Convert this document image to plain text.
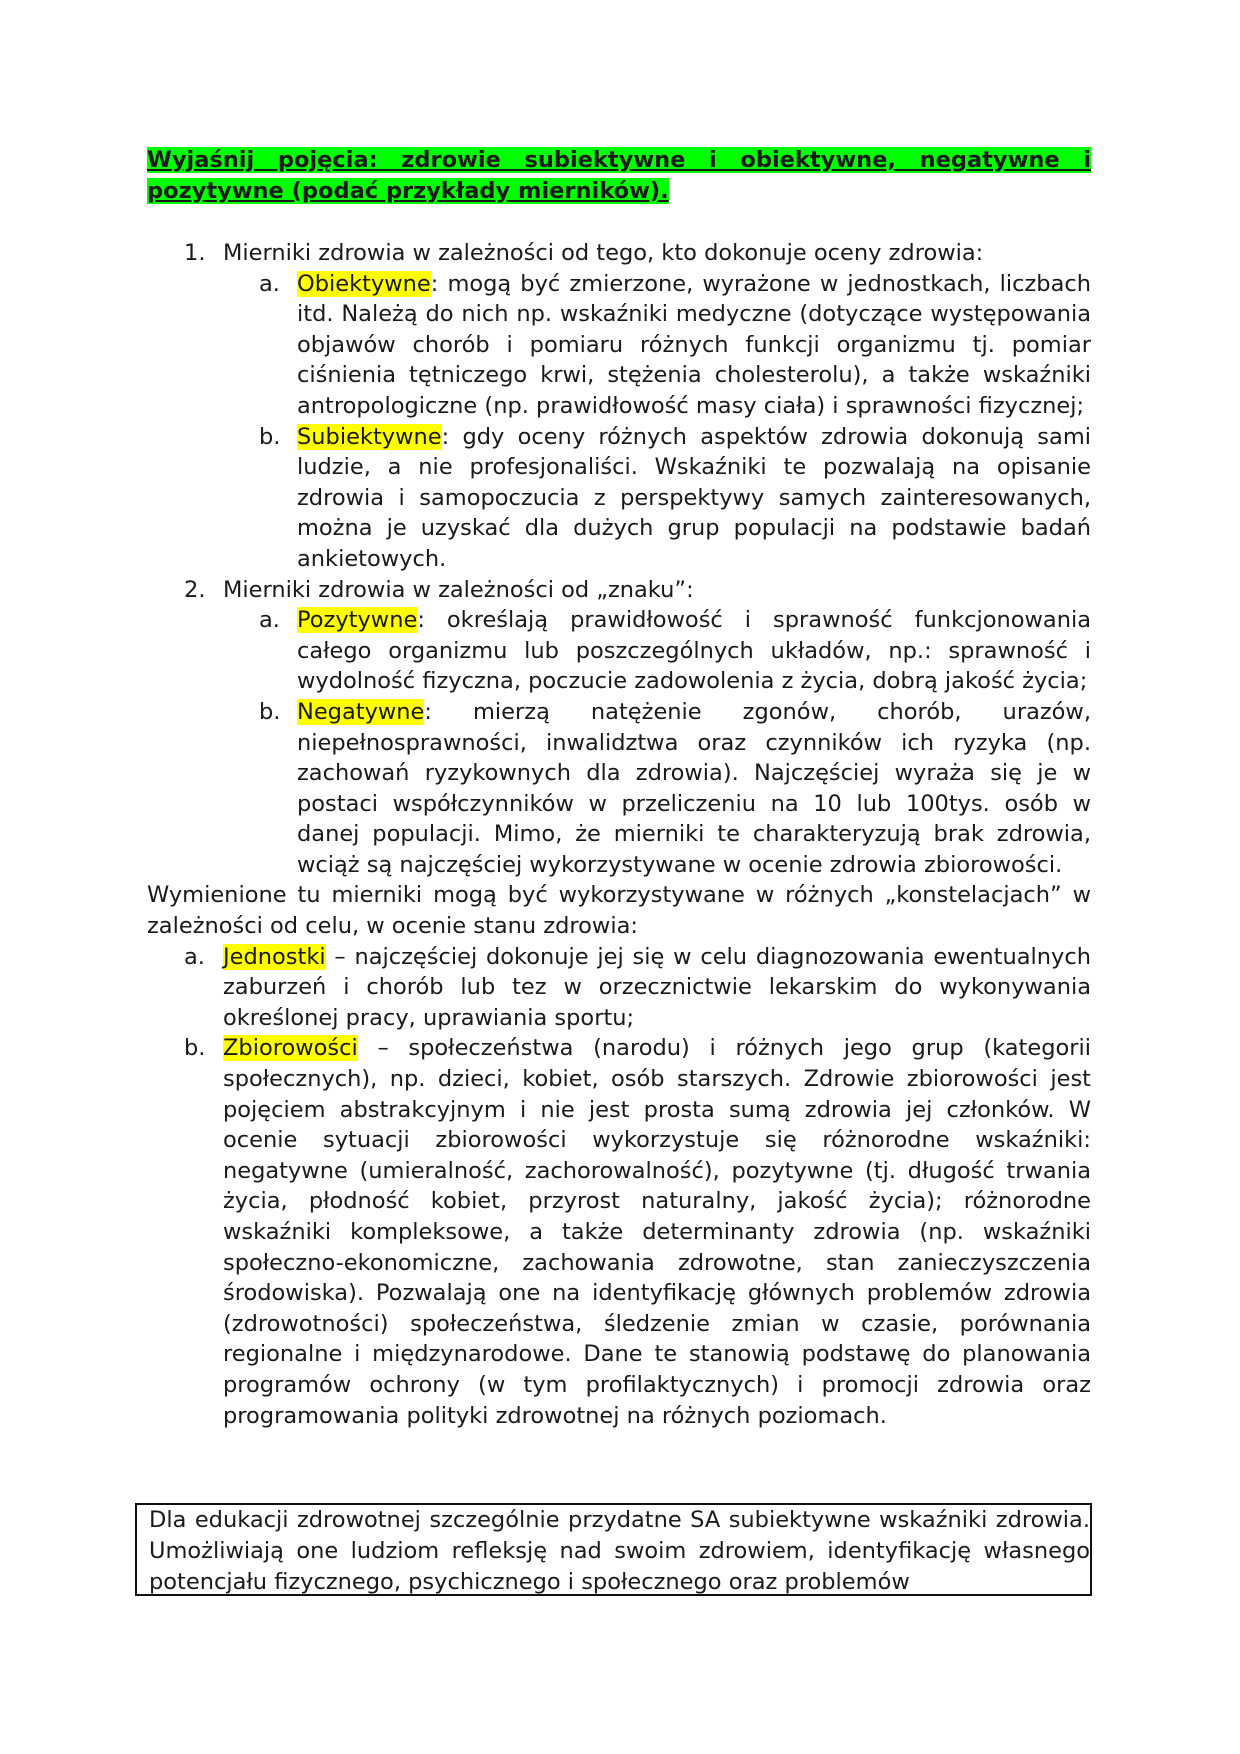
Wyjaśnij pojęcia: zdrowie subiektywne i obiektywne, negatywne i pozytywne (podać przykłady mierników).

1. Mierniki zdrowia w zależności od tego, kto dokonuje oceny zdrowia:
a. Obiektywne: mogą być zmierzone, wyrażone w jednostkach, liczbach itd. Należą do nich np. wskaźniki medyczne (dotyczące występowania objawów chorób i pomiaru różnych funkcji organizmu tj. pomiar ciśnienia tętniczego krwi, stężenia cholesterolu), a także wskaźniki antropologiczne (np. prawidłowość masy ciała) i sprawności fizycznej;
b. Subiektywne: gdy oceny różnych aspektów zdrowia dokonują sami ludzie, a nie profesjonaliści. Wskaźniki te pozwalają na opisanie zdrowia i samopoczucia z perspektywy samych zainteresowanych, można je uzyskać dla dużych grup populacji na podstawie badań ankietowych.
2. Mierniki zdrowia w zależności od „znaku”:
a. Pozytywne: określają prawidłowość i sprawność funkcjonowania całego organizmu lub poszczególnych układów, np.: sprawność i wydolność fizyczna, poczucie zadowolenia z życia, dobrą jakość życia;
b. Negatywne: mierzą natężenie zgonów, chorób, urazów, niepełnosprawności, inwalidztwa oraz czynników ich ryzyka (np. zachowań ryzykownych dla zdrowia). Najczęściej wyraża się je w postaci współczynników w przeliczeniu na 10 lub 100tys. osób w danej populacji. Mimo, że mierniki te charakteryzują brak zdrowia, wciąż są najczęściej wykorzystywane w ocenie zdrowia zbiorowości.
Wymienione tu mierniki mogą być wykorzystywane w różnych „konstelacjach” w zależności od celu, w ocenie stanu zdrowia:
a. Jednostki – najczęściej dokonuje jej się w celu diagnozowania ewentualnych zaburzeń i chorób lub tez w orzecznictwie lekarskim do wykonywania określonej pracy, uprawiania sportu;
b. Zbiorowości – społeczeństwa (narodu) i różnych jego grup (kategorii społecznych), np. dzieci, kobiet, osób starszych. Zdrowie zbiorowości jest pojęciem abstrakcyjnym i nie jest prosta sumą zdrowia jej członków. W ocenie sytuacji zbiorowości wykorzystuje się różnorodne wskaźniki: negatywne (umieralność, zachorowalność), pozytywne (tj. długość trwania życia, płodność kobiet, przyrost naturalny, jakość życia); różnorodne wskaźniki kompleksowe, a także determinanty zdrowia (np. wskaźniki społeczno-ekonomiczne, zachowania zdrowotne, stan zanieczyszczenia środowiska). Pozwalają one na identyfikację głównych problemów zdrowia (zdrowotności) społeczeństwa, śledzenie zmian w czasie, porównania regionalne i międzynarodowe. Dane te stanowią podstawę do planowania programów ochrony (w tym profilaktycznych) i promocji zdrowia oraz programowania polityki zdrowotnej na różnych poziomach.
Dla edukacji zdrowotnej szczególnie przydatne SA subiektywne wskaźniki zdrowia. Umożliwiają one ludziom refleksję nad swoim zdrowiem, identyfikację własnego potencjału fizycznego, psychicznego i społecznego oraz problemów
